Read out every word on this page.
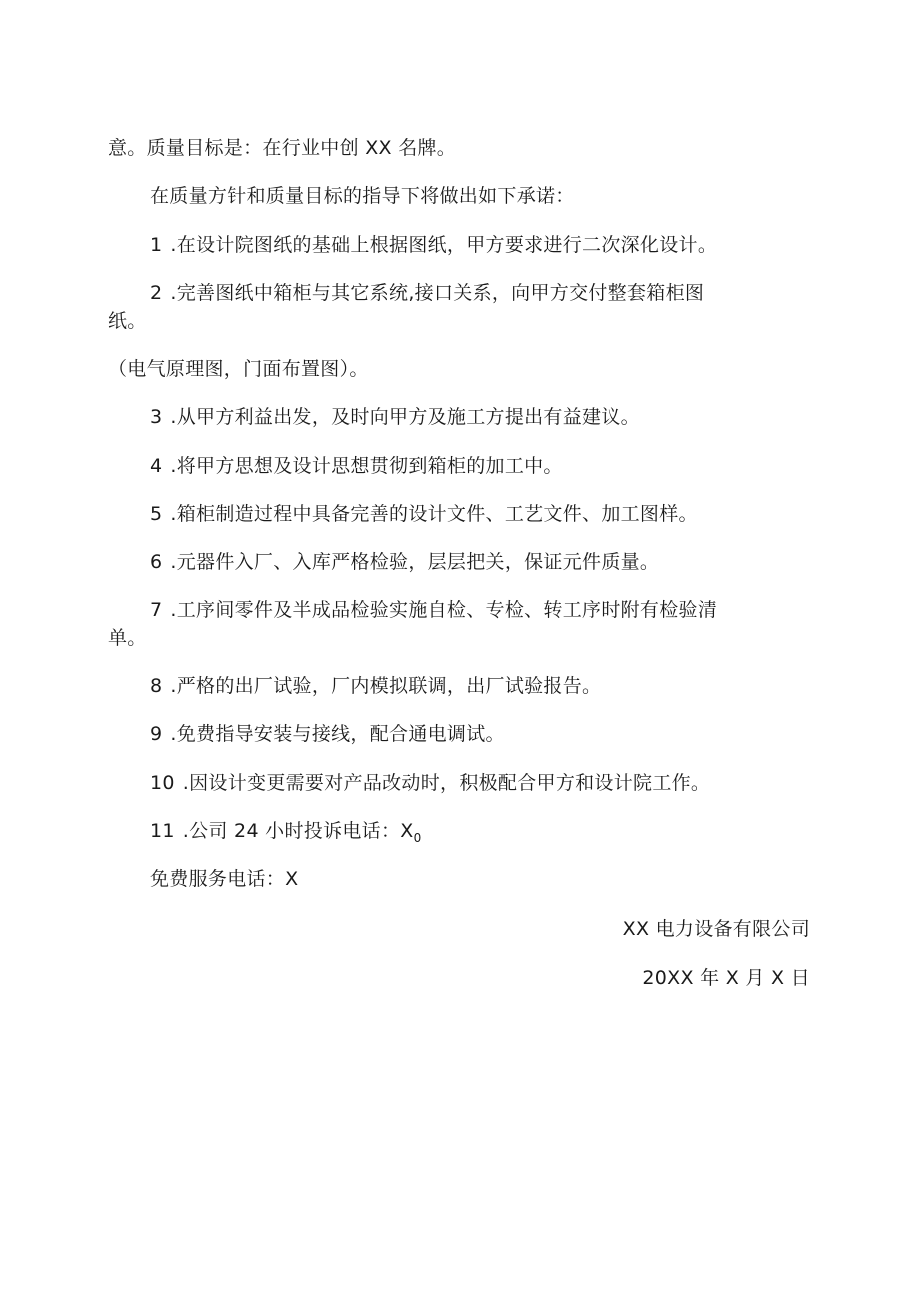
意。质量目标是：在行业中创 XX 名牌。
在质量方针和质量目标的指导下将做出如下承诺：
1 .在设计院图纸的基础上根据图纸，甲方要求进行二次深化设计。
2 .完善图纸中箱柜与其它系统,接口关系，向甲方交付整套箱柜图
纸。
（电气原理图，门面布置图）。
3 .从甲方利益出发，及时向甲方及施工方提出有益建议。
4 .将甲方思想及设计思想贯彻到箱柜的加工中。
5 .箱柜制造过程中具备完善的设计文件、工艺文件、加工图样。
6 .元器件入厂、入库严格检验，层层把关，保证元件质量。
7 .工序间零件及半成品检验实施自检、专检、转工序时附有检验清
单。
8 .严格的出厂试验，厂内模拟联调，出厂试验报告。
9 .免费指导安装与接线，配合通电调试。
10 .因设计变更需要对产品改动时，积极配合甲方和设计院工作。
11 .公司 24 小时投诉电话：$X_0$
免费服务电话：X
XX 电力设备有限公司
20XX 年 X 月 X 日
